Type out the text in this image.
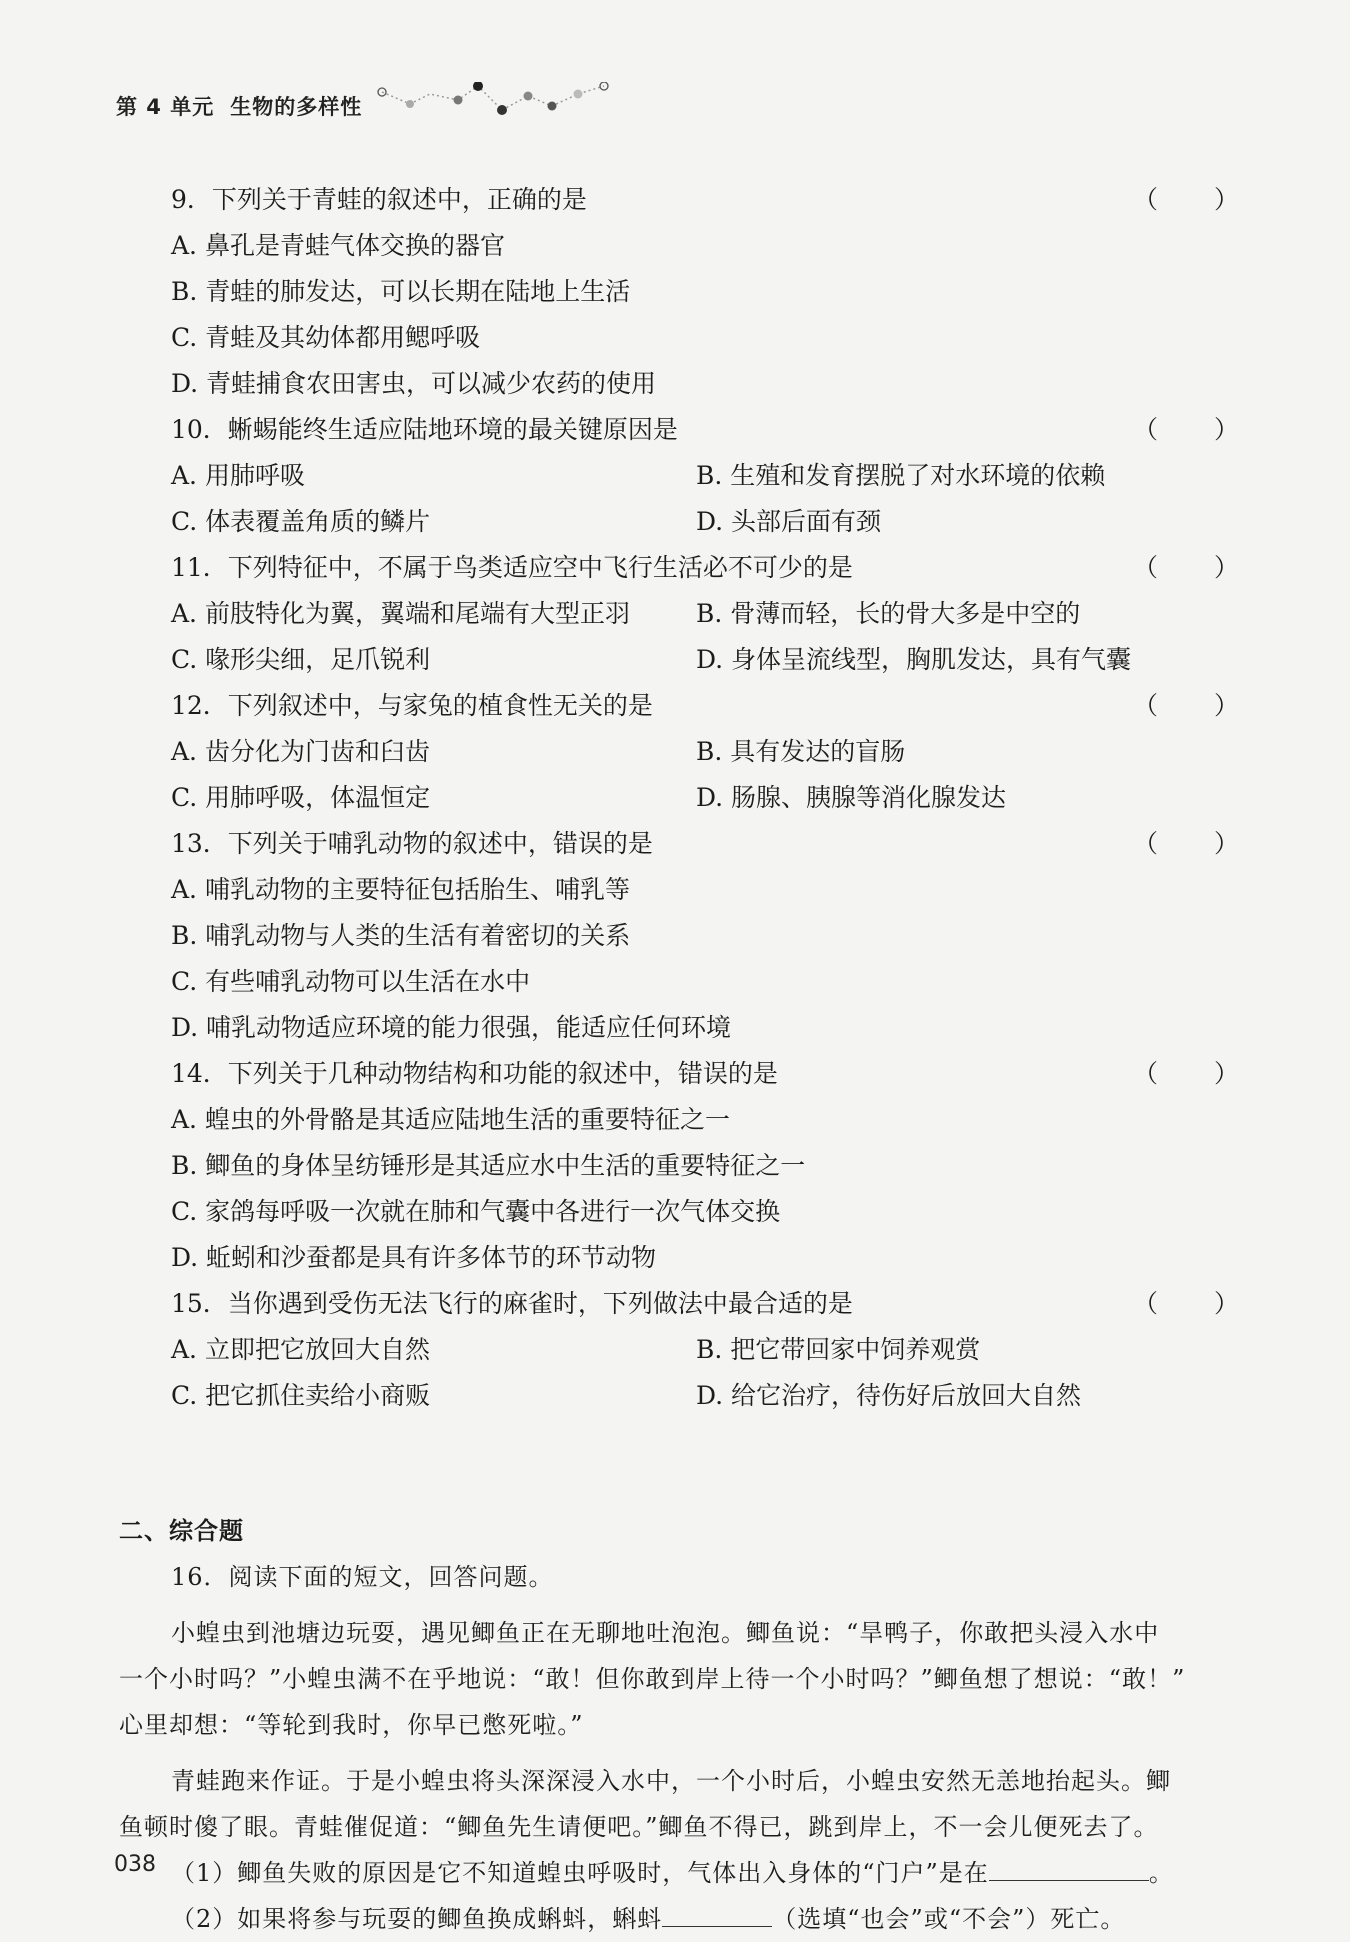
第 4 单元 生物的多样性
9．下列关于青蛙的叙述中，正确的是	（　　）
A. 鼻孔是青蛙气体交换的器官
B. 青蛙的肺发达，可以长期在陆地上生活
C. 青蛙及其幼体都用鳃呼吸
D. 青蛙捕食农田害虫，可以减少农药的使用
10．蜥蜴能终生适应陆地环境的最关键原因是	（　　）
A. 用肺呼吸	B. 生殖和发育摆脱了对水环境的依赖
C. 体表覆盖角质的鳞片	D. 头部后面有颈
11．下列特征中，不属于鸟类适应空中飞行生活必不可少的是	（　　）
A. 前肢特化为翼，翼端和尾端有大型正羽	B. 骨薄而轻，长的骨大多是中空的
C. 喙形尖细，足爪锐利	D. 身体呈流线型，胸肌发达，具有气囊
12．下列叙述中，与家兔的植食性无关的是	（　　）
A. 齿分化为门齿和臼齿	B. 具有发达的盲肠
C. 用肺呼吸，体温恒定	D. 肠腺、胰腺等消化腺发达
13．下列关于哺乳动物的叙述中，错误的是	（　　）
A. 哺乳动物的主要特征包括胎生、哺乳等
B. 哺乳动物与人类的生活有着密切的关系
C. 有些哺乳动物可以生活在水中
D. 哺乳动物适应环境的能力很强，能适应任何环境
14．下列关于几种动物结构和功能的叙述中，错误的是	（　　）
A. 蝗虫的外骨骼是其适应陆地生活的重要特征之一
B. 鲫鱼的身体呈纺锤形是其适应水中生活的重要特征之一
C. 家鸽每呼吸一次就在肺和气囊中各进行一次气体交换
D. 蚯蚓和沙蚕都是具有许多体节的环节动物
15．当你遇到受伤无法飞行的麻雀时，下列做法中最合适的是	（　　）
A. 立即把它放回大自然	B. 把它带回家中饲养观赏
C. 把它抓住卖给小商贩	D. 给它治疗，待伤好后放回大自然

二、综合题

16．阅读下面的短文，回答问题。

小蝗虫到池塘边玩耍，遇见鲫鱼正在无聊地吐泡泡。鲫鱼说：“旱鸭子，你敢把头浸入水中

一个小时吗？”小蝗虫满不在乎地说：“敢！但你敢到岸上待一个小时吗？”鲫鱼想了想说：“敢！”

心里却想：“等轮到我时，你早已憋死啦。”

青蛙跑来作证。于是小蝗虫将头深深浸入水中，一个小时后，小蝗虫安然无恙地抬起头。鲫

鱼顿时傻了眼。青蛙催促道：“鲫鱼先生请便吧。”鲫鱼不得已，跳到岸上，不一会儿便死去了。

（1）鲫鱼失败的原因是它不知道蝗虫呼吸时，气体出入身体的“门户”是在	。

（2）如果将参与玩耍的鲫鱼换成蝌蚪，蝌蚪	（选填“也会”或“不会”）死亡。

038
